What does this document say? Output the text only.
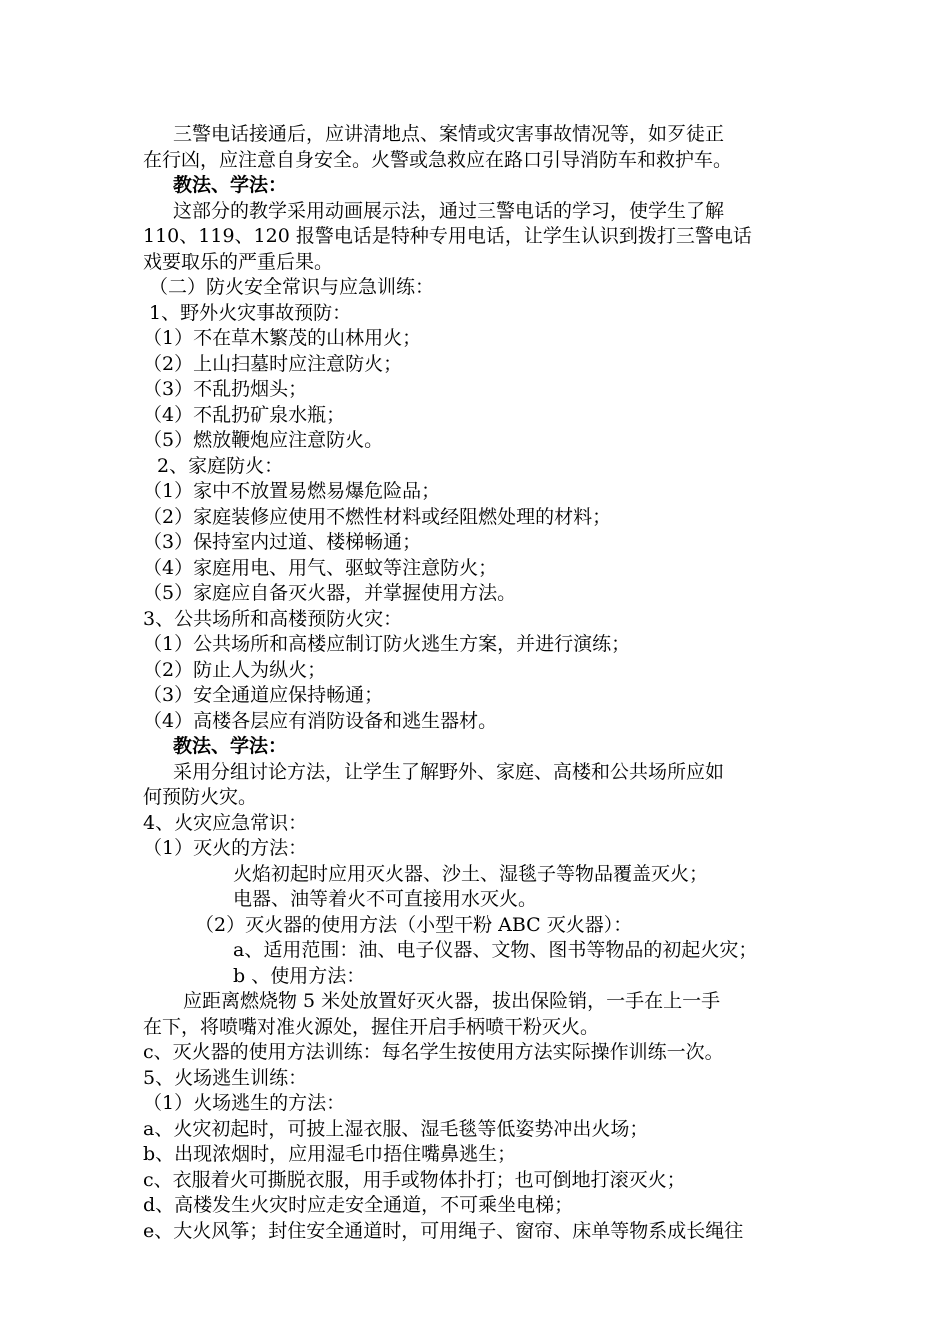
三警电话接通后，应讲清地点、案情或灾害事故情况等，如歹徒正
在行凶，应注意自身安全。火警或急救应在路口引导消防车和救护车。
教法、学法：
这部分的教学采用动画展示法，通过三警电话的学习，使学生了解
110、119、120 报警电话是特种专用电话，让学生认识到拨打三警电话
戏要取乐的严重后果。
（二）防火安全常识与应急训练：
1、野外火灾事故预防：
（1）不在草木繁茂的山林用火；
（2）上山扫墓时应注意防火；
（3）不乱扔烟头；
（4）不乱扔矿泉水瓶；
（5）燃放鞭炮应注意防火。
2、家庭防火：
（1）家中不放置易燃易爆危险品；
（2）家庭装修应使用不燃性材料或经阻燃处理的材料；
（3）保持室内过道、楼梯畅通；
（4）家庭用电、用气、驱蚊等注意防火；
（5）家庭应自备灭火器，并掌握使用方法。
3、公共场所和高楼预防火灾：
（1）公共场所和高楼应制订防火逃生方案，并进行演练；
（2）防止人为纵火；
（3）安全通道应保持畅通；
（4）高楼各层应有消防设备和逃生器材。
教法、学法：
采用分组讨论方法，让学生了解野外、家庭、高楼和公共场所应如
何预防火灾。
4、火灾应急常识：
（1）灭火的方法：
火焰初起时应用灭火器、沙土、湿毯子等物品覆盖灭火；
电器、油等着火不可直接用水灭火。
（2）灭火器的使用方法（小型干粉 ABC 灭火器）：
a、适用范围：油、电子仪器、文物、图书等物品的初起火灾；
b 、使用方法：
应距离燃烧物 5 米处放置好灭火器，拔出保险销，一手在上一手
在下，将喷嘴对准火源处，握住开启手柄喷干粉灭火。
c、灭火器的使用方法训练：每名学生按使用方法实际操作训练一次。
5、火场逃生训练：
（1）火场逃生的方法：
a、火灾初起时，可披上湿衣服、湿毛毯等低姿势冲出火场；
b、出现浓烟时，应用湿毛巾捂住嘴鼻逃生；
c、衣服着火可撕脱衣服，用手或物体扑打；也可倒地打滚灭火；
d、高楼发生火灾时应走安全通道，不可乘坐电梯；
e、大火风筝；封住安全通道时，可用绳子、窗帘、床单等物系成长绳往
